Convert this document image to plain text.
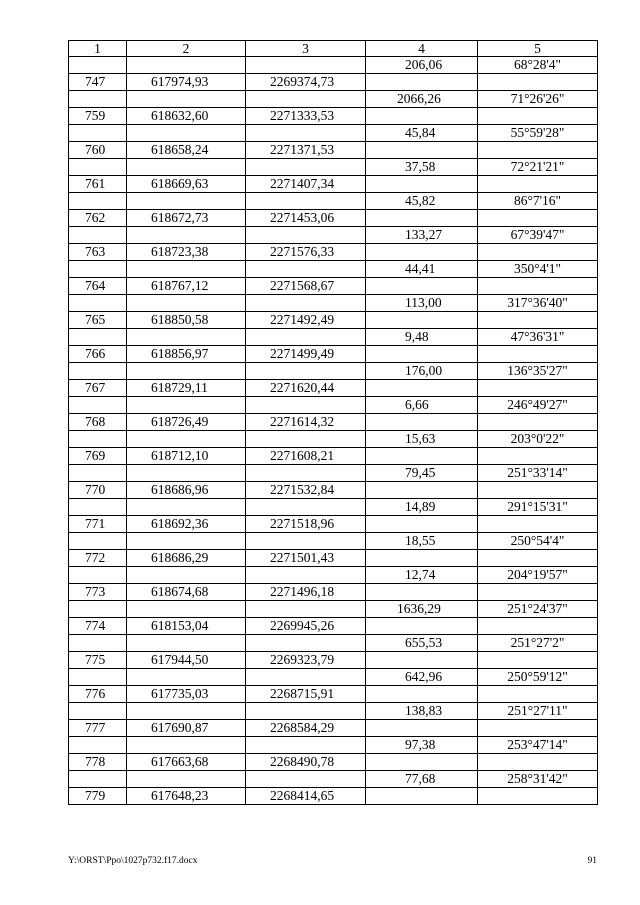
1	2	3	4	5
			206,06	68°28'4"
747	617974,93	2269374,73		
			2066,26	71°26'26"
759	618632,60	2271333,53		
			45,84	55°59'28"
760	618658,24	2271371,53		
			37,58	72°21'21"
761	618669,63	2271407,34		
			45,82	86°7'16"
762	618672,73	2271453,06		
			133,27	67°39'47"
763	618723,38	2271576,33		
			44,41	350°4'1"
764	618767,12	2271568,67		
			113,00	317°36'40"
765	618850,58	2271492,49		
			9,48	47°36'31"
766	618856,97	2271499,49		
			176,00	136°35'27"
767	618729,11	2271620,44		
			6,66	246°49'27"
768	618726,49	2271614,32		
			15,63	203°0'22"
769	618712,10	2271608,21		
			79,45	251°33'14"
770	618686,96	2271532,84		
			14,89	291°15'31"
771	618692,36	2271518,96		
			18,55	250°54'4"
772	618686,29	2271501,43		
			12,74	204°19'57"
773	618674,68	2271496,18		
			1636,29	251°24'37"
774	618153,04	2269945,26		
			655,53	251°27'2"
775	617944,50	2269323,79		
			642,96	250°59'12"
776	617735,03	2268715,91		
			138,83	251°27'11"
777	617690,87	2268584,29		
			97,38	253°47'14"
778	617663,68	2268490,78		
			77,68	258°31'42"
779	617648,23	2268414,65		
Y:\ORST\Ppo\1027p732.f17.docx	91
